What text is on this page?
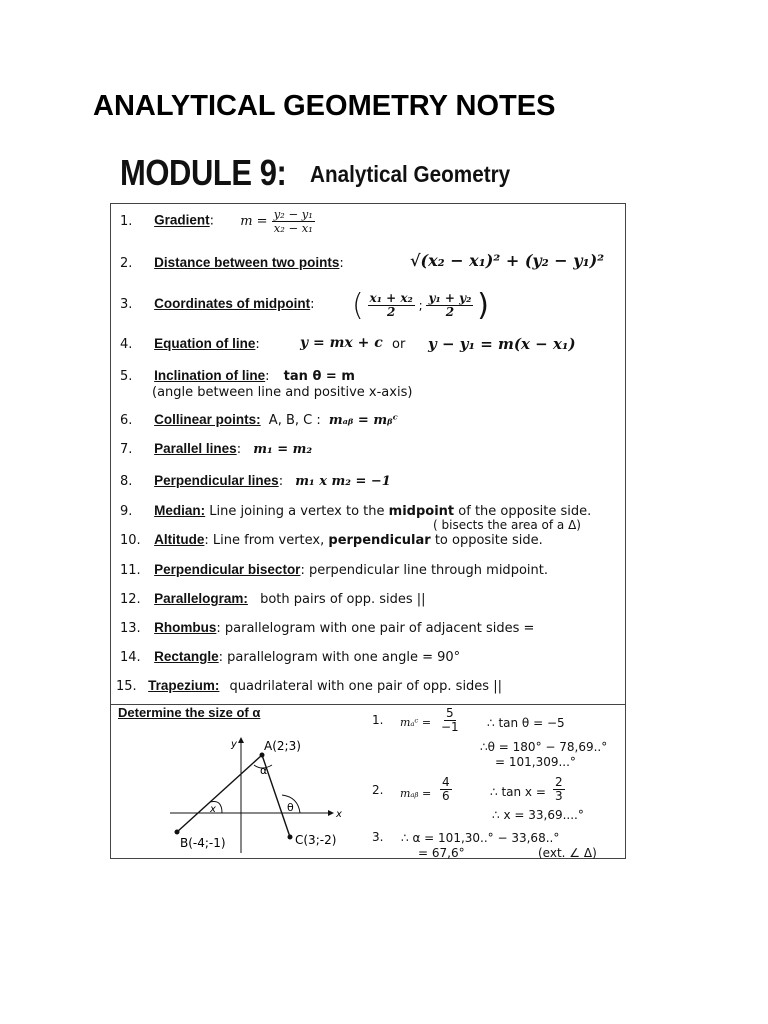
ANALYTICAL GEOMETRY NOTES
MODULE 9: Analytical Geometry
1. Gradient: $m = \frac{\text{y₂ − y₁}}{\text{x₂ − x₁}}$
2. Distance between two points:	√(x₂ − x₁)² + (y₂ − y₁)²
3. Coordinates of midpoint: ( $\frac{\text{x₁ + x₂}}{2}$ ; $\frac{\text{y₁ + y₂}}{2}$ )
4. Equation of line:	y = mx + c or y − y₁ = m(x − x₁)
5. Inclination of line: tan θ = m
(angle between line and positive x-axis)
6. Collinear points: A, B, C : mₐᵦ = mᵦᶜ
7. Parallel lines: m₁ = m₂
8. Perpendicular lines: m₁ x m₂ = −1
9. Median: Line joining a vertex to the midpoint of the opposite side.
( bisects the area of a Δ)
10. Altitude: Line from vertex, perpendicular to opposite side.
11. Perpendicular bisector: perpendicular line through midpoint.
12. Parallelogram: both pairs of opp. sides ||
13. Rhombus: parallelogram with one pair of adjacent sides =
14. Rectangle: parallelogram with one angle = 90°
15. Trapezium: quadrilateral with one pair of opp. sides ||
Determine the size of α
A(2;3)
B(-4;-1)	C(3;-2)
α
θ
x	x
y
1. mₐᶜ = $\frac{5}{-1}$ ∴ tan θ = −5
∴θ = 180° − 78,69..°
= 101,309...°
2. mₐᵦ = $\frac{4}{6}$	∴ $\tan x = \frac{2}{3}$
∴ x = 33,69....°
3. ∴ α = 101,30..° − 33,68..°
= 67,6°	(ext. ∠ Δ)
